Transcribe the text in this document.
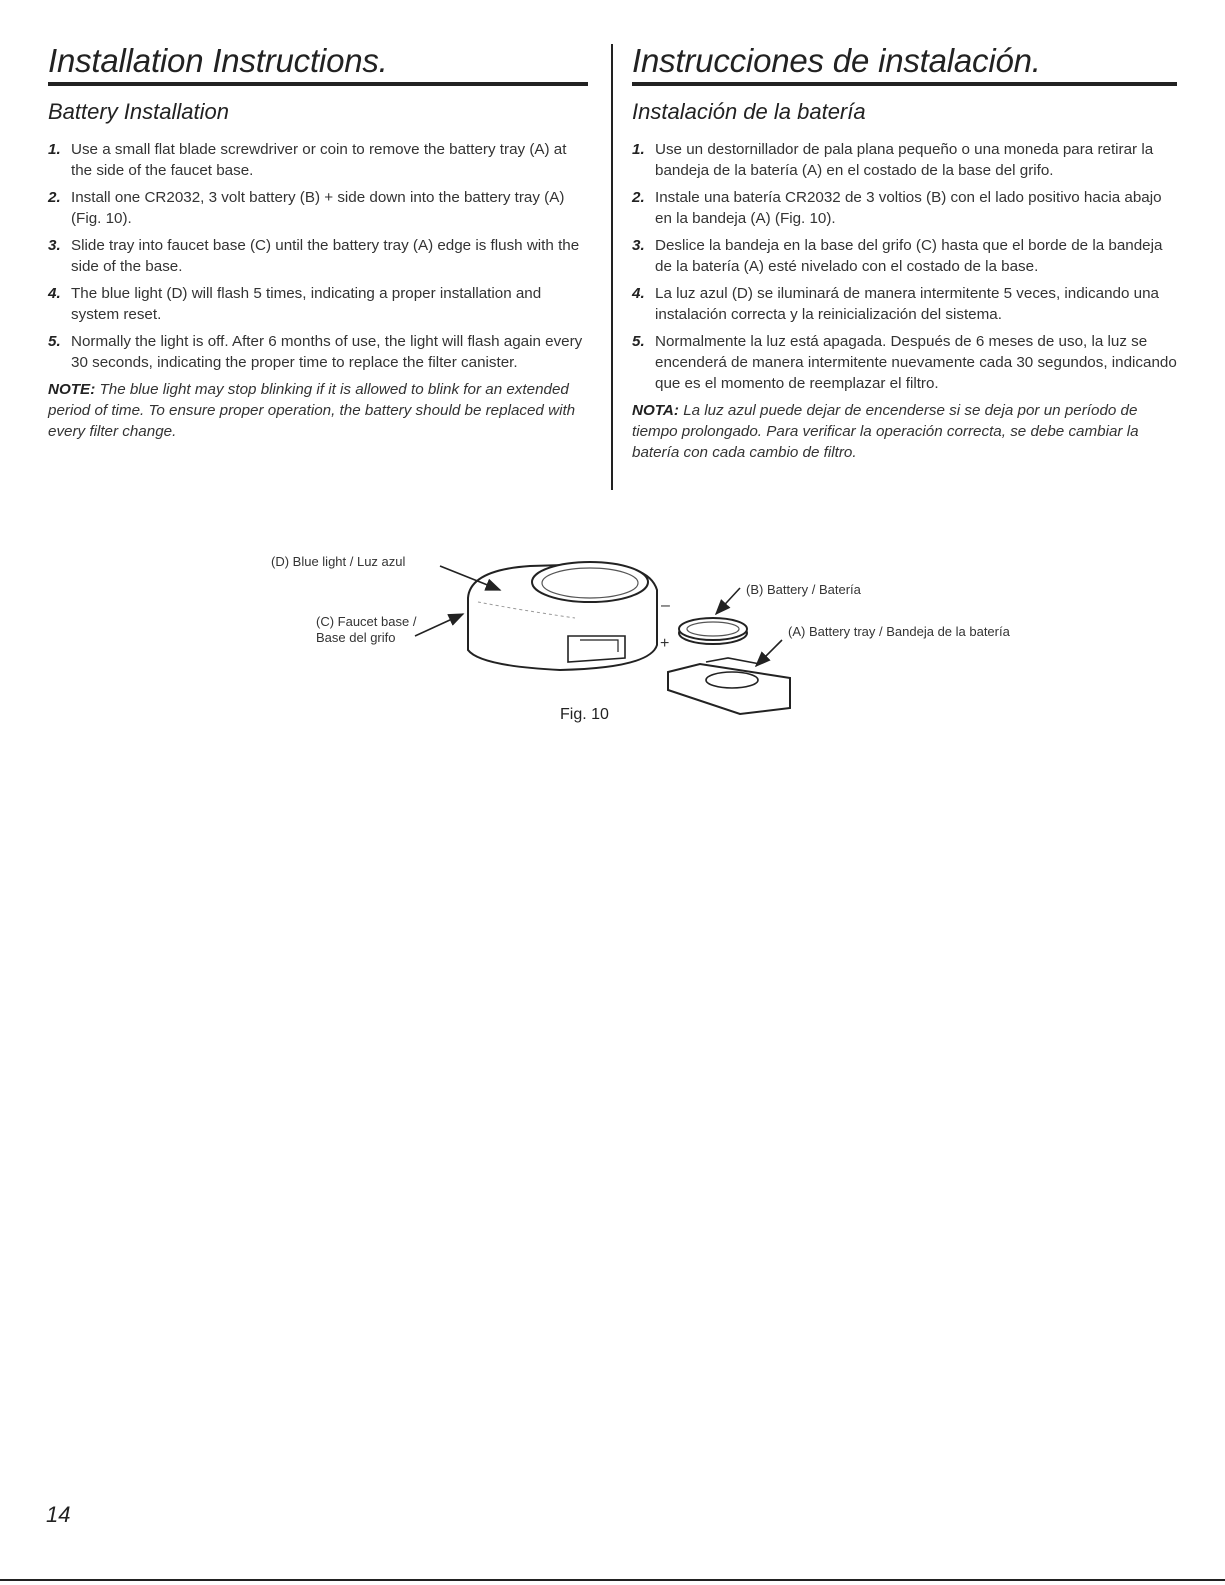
Installation Instructions.
Battery Installation
1. Use a small flat blade screwdriver or coin to remove the battery tray (A) at the side of the faucet base.
2. Install one CR2032, 3 volt battery (B) + side down into the battery tray (A) (Fig. 10).
3. Slide tray into faucet base (C) until the battery tray (A) edge is flush with the side of the base.
4. The blue light (D) will flash 5 times, indicating a proper installation and system reset.
5. Normally the light is off. After 6 months of use, the light will flash again every 30 seconds, indicating the proper time to replace the filter canister.
NOTE: The blue light may stop blinking if it is allowed to blink for an extended period of time. To ensure proper operation, the battery should be replaced with every filter change.
Instrucciones de instalación.
Instalación de la batería
1. Use un destornillador de pala plana pequeño o una moneda para retirar la bandeja de la batería (A) en el costado de la base del grifo.
2. Instale una batería CR2032 de 3 voltios (B) con el lado positivo hacia abajo en la bandeja (A) (Fig. 10).
3. Deslice la bandeja en la base del grifo (C) hasta que el borde de la bandeja de la batería (A) esté nivelado con el costado de la base.
4. La luz azul (D) se iluminará de manera intermitente 5 veces, indicando una instalación correcta y la reinicialización del sistema.
5. Normalmente la luz está apagada. Después de 6 meses de uso, la luz se encenderá de manera intermitente nuevamente cada 30 segundos, indicando que es el momento de reemplazar el filtro.
NOTA: La luz azul puede dejar de encenderse si se deja por un período de tiempo prolongado. Para verificar la operación correcta, se debe cambiar la batería con cada cambio de filtro.
(D) Blue light / Luz azul
(C) Faucet base /
Base del grifo
(B) Battery / Batería
(A) Battery tray / Bandeja de la batería
–
+
Fig. 10
14
